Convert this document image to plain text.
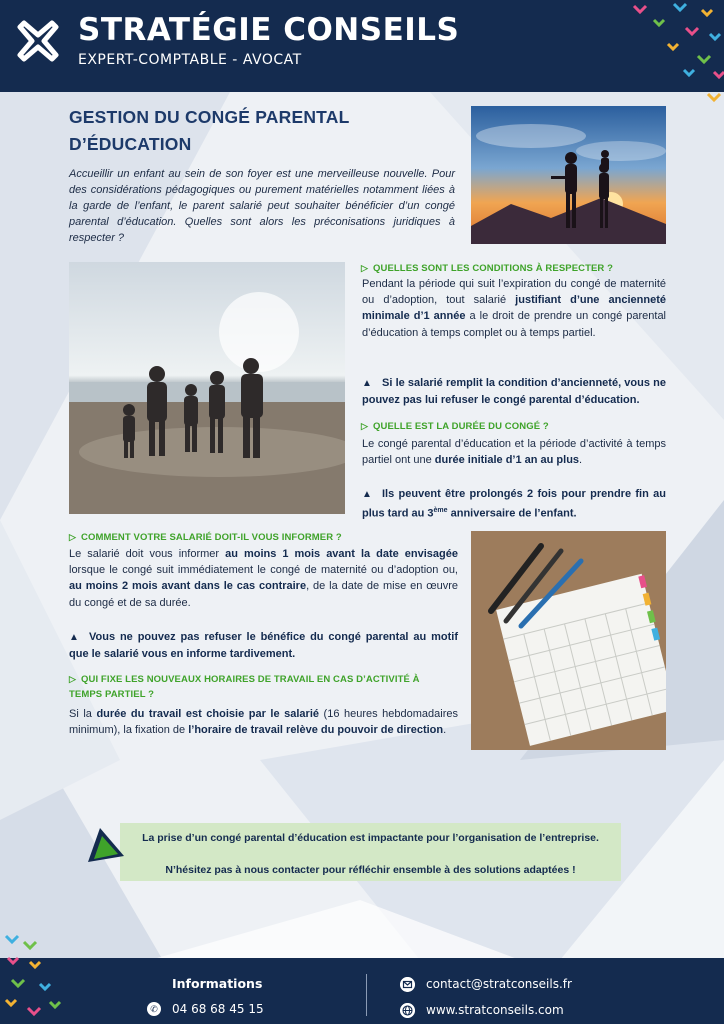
STRATÉGIE CONSEILS
EXPERT-COMPTABLE - AVOCAT
GESTION DU CONGÉ PARENTAL
D’ÉDUCATION

Accueillir un enfant au sein de son foyer est une merveilleuse nouvelle. Pour des considérations pédagogiques ou purement matérielles notamment liées à la garde de l’enfant, le parent salarié peut souhaiter bénéficier d’un congé parental d’éducation. Quelles sont alors les préconisations juridiques à respecter ?

▷ QUELLES SONT LES CONDITIONS À RESPECTER ?

Pendant la période qui suit l’expiration du congé de maternité ou d’adoption, tout salarié justifiant d’une ancienneté minimale d’1 année a le droit de prendre un congé parental d’éducation à temps complet ou à temps partiel.

▲ Si le salarié remplit la condition d’ancienneté, vous ne pouvez pas lui refuser le congé parental d’éducation.

▷ QUELLE EST LA DURÉE DU CONGÉ ?

Le congé parental d’éducation et la période d’activité à temps partiel ont une durée initiale d’1 an au plus.

▲ Ils peuvent être prolongés 2 fois pour prendre fin au plus tard au 3ème anniversaire de l’enfant.

▷ COMMENT VOTRE SALARIÉ DOIT-IL VOUS INFORMER ?

Le salarié doit vous informer au moins 1 mois avant la date envisagée lorsque le congé suit immédiatement le congé de maternité ou d’adoption ou, au moins 2 mois avant dans le cas contraire, de la date de mise en œuvre du congé et de sa durée.

▲ Vous ne pouvez pas refuser le bénéfice du congé parental au motif que le salarié vous en informe tardivement.

▷ QUI FIXE LES NOUVEAUX HORAIRES DE TRAVAIL EN CAS D’ACTIVITÉ À
TEMPS PARTIEL ?

Si la durée du travail est choisie par le salarié (16 heures hebdomadaires minimum), la fixation de l’horaire de travail relève du pouvoir de direction.

La prise d’un congé parental d’éducation est impactante pour l’organisation de l’entreprise.
N’hésitez pas à nous contacter pour réfléchir ensemble à des solutions adaptées !
Informations
✆ 04 68 68 45 15
contact@stratconseils.fr
www.stratconseils.com
